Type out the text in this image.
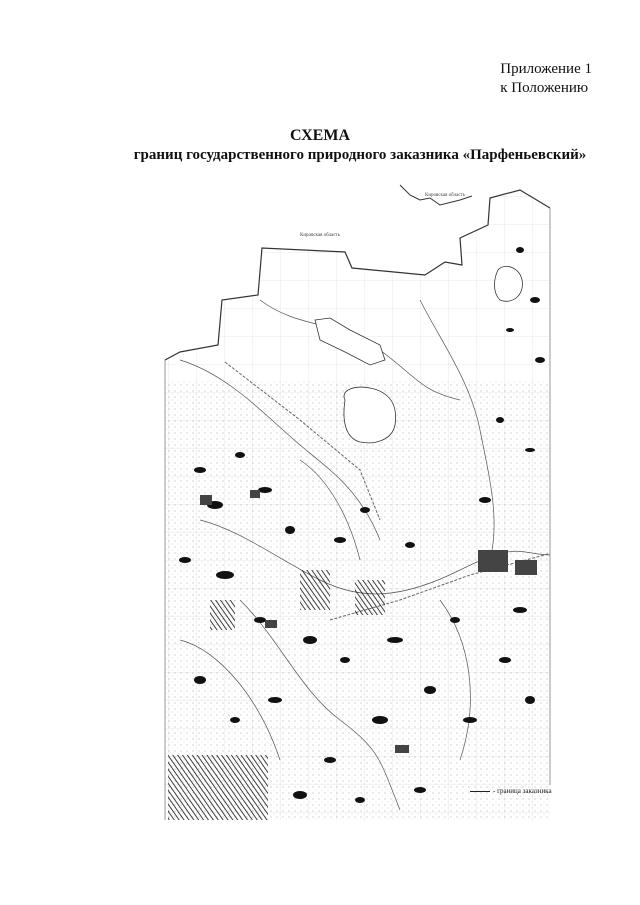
Приложение 1
к Положению
СХЕМА
границ государственного природного заказника «Парфеньевский»
Кировская область
Кировская область
- граница заказника
